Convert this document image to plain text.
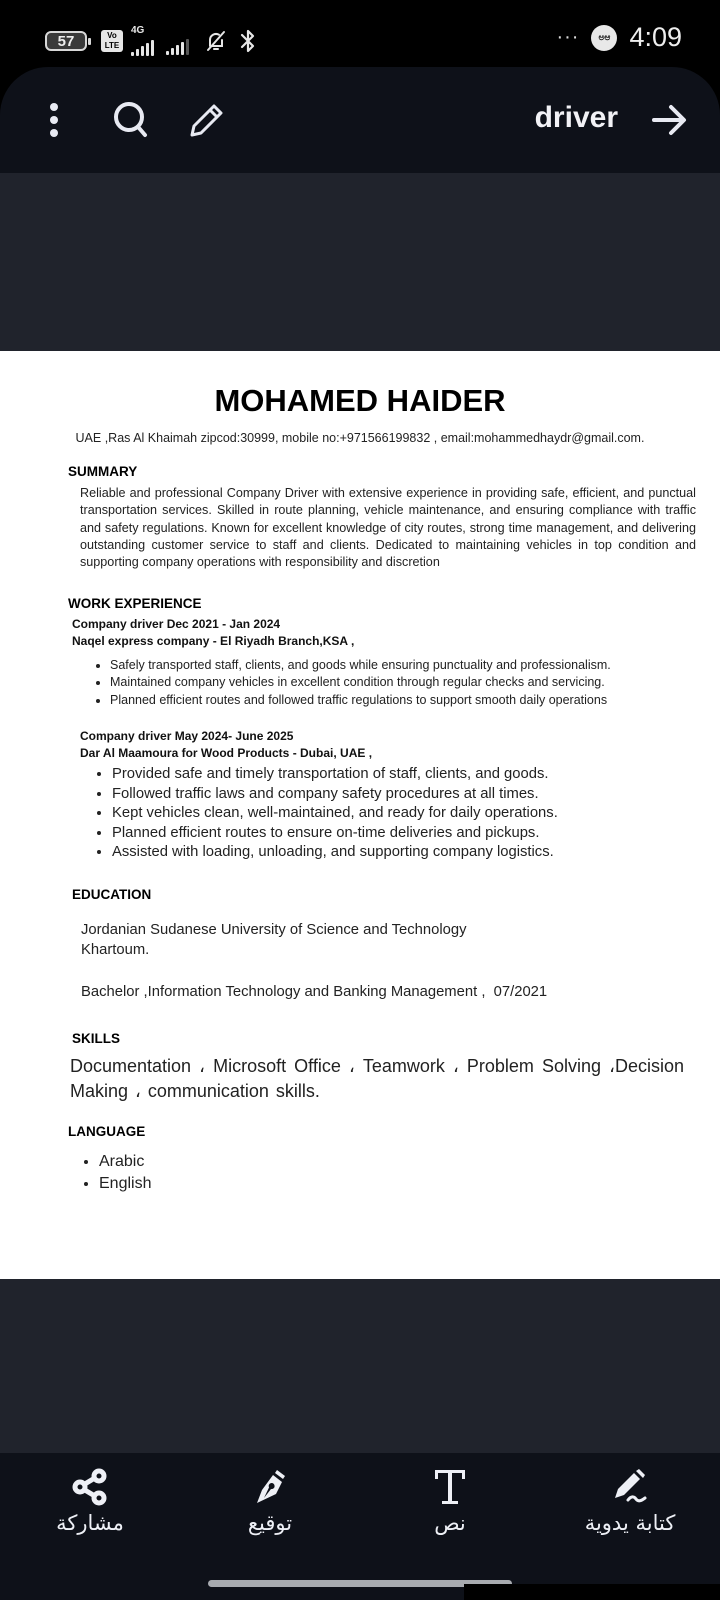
57	Vo
LTE
4G	···	ಅಆ 4:09
driver
MOHAMED HAIDER
UAE ,Ras Al Khaimah zipcod:30999, mobile no:+971566199832 , email:mohammedhaydr@gmail.com.
SUMMARY
Reliable and professional Company Driver with extensive experience in providing safe, efficient, and punctual transportation services. Skilled in route planning, vehicle maintenance, and ensuring compliance with traffic and safety regulations. Known for excellent knowledge of city routes, strong time management, and delivering outstanding customer service to staff and clients. Dedicated to maintaining vehicles in top condition and supporting company operations with responsibility and discretion
WORK EXPERIENCE
Company driver Dec 2021 - Jan 2024
Naqel express company - El Riyadh Branch,KSA ,
• Safely transported staff, clients, and goods while ensuring punctuality and professionalism.
• Maintained company vehicles in excellent condition through regular checks and servicing.
• Planned efficient routes and followed traffic regulations to support smooth daily operations
Company driver May 2024- June 2025
Dar Al Maamoura for Wood Products - Dubai, UAE ,
• Provided safe and timely transportation of staff, clients, and goods.
• Followed traffic laws and company safety procedures at all times.
• Kept vehicles clean, well-maintained, and ready for daily operations.
• Planned efficient routes to ensure on-time deliveries and pickups.
• Assisted with loading, unloading, and supporting company logistics.
EDUCATION
Jordanian Sudanese University of Science and Technology
Khartoum.
Bachelor ,Information Technology and Banking Management ,  07/2021
SKILLS
Documentation ، Microsoft Office ، Teamwork ، Problem Solving ،Decision Making ، communication skills.
LANGUAGE
• Arabic
• English
مشاركة	توقيع	نص	كتابة يدوية
